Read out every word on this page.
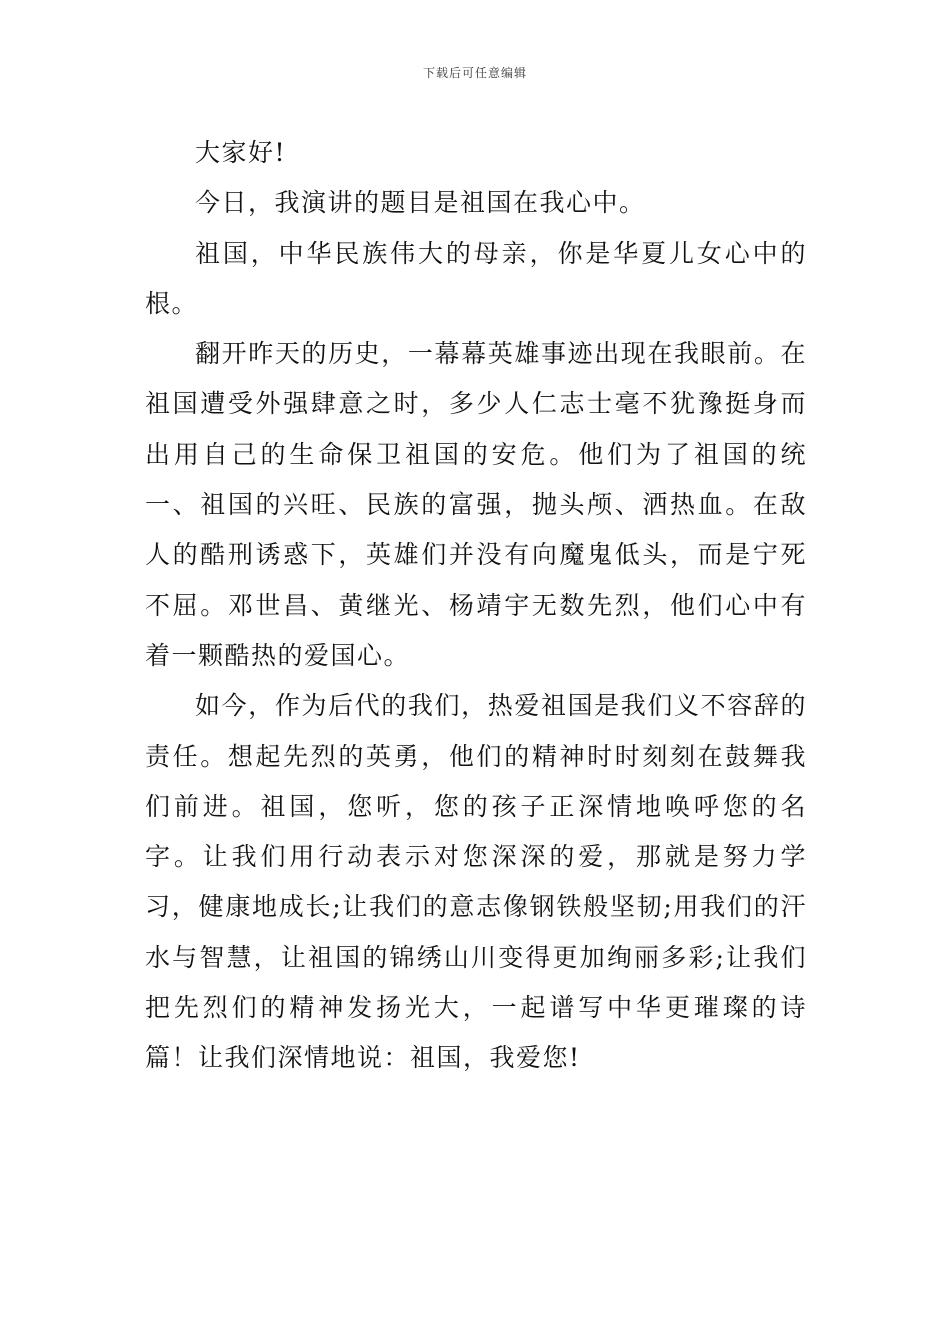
下载后可任意编辑

大家好!

今日，我演讲的题目是祖国在我心中。

祖国，中华民族伟大的母亲，你是华夏儿女心中的根。

翻开昨天的历史，一幕幕英雄事迹出现在我眼前。在祖国遭受外强肆意之时，多少人仁志士毫不犹豫挺身而出用自己的生命保卫祖国的安危。他们为了祖国的统一、祖国的兴旺、民族的富强，抛头颅、洒热血。在敌人的酷刑诱惑下，英雄们并没有向魔鬼低头，而是宁死不屈。邓世昌、黄继光、杨靖宇无数先烈，他们心中有着一颗酷热的爱国心。

如今，作为后代的我们，热爱祖国是我们义不容辞的责任。想起先烈的英勇，他们的精神时时刻刻在鼓舞我们前进。祖国，您听，您的孩子正深情地唤呼您的名字。让我们用行动表示对您深深的爱，那就是努力学习，健康地成长;让我们的意志像钢铁般坚韧;用我们的汗水与智慧，让祖国的锦绣山川变得更加绚丽多彩;让我们把先烈们的精神发扬光大，一起谱写中华更璀璨的诗篇！让我们深情地说：祖国，我爱您!
